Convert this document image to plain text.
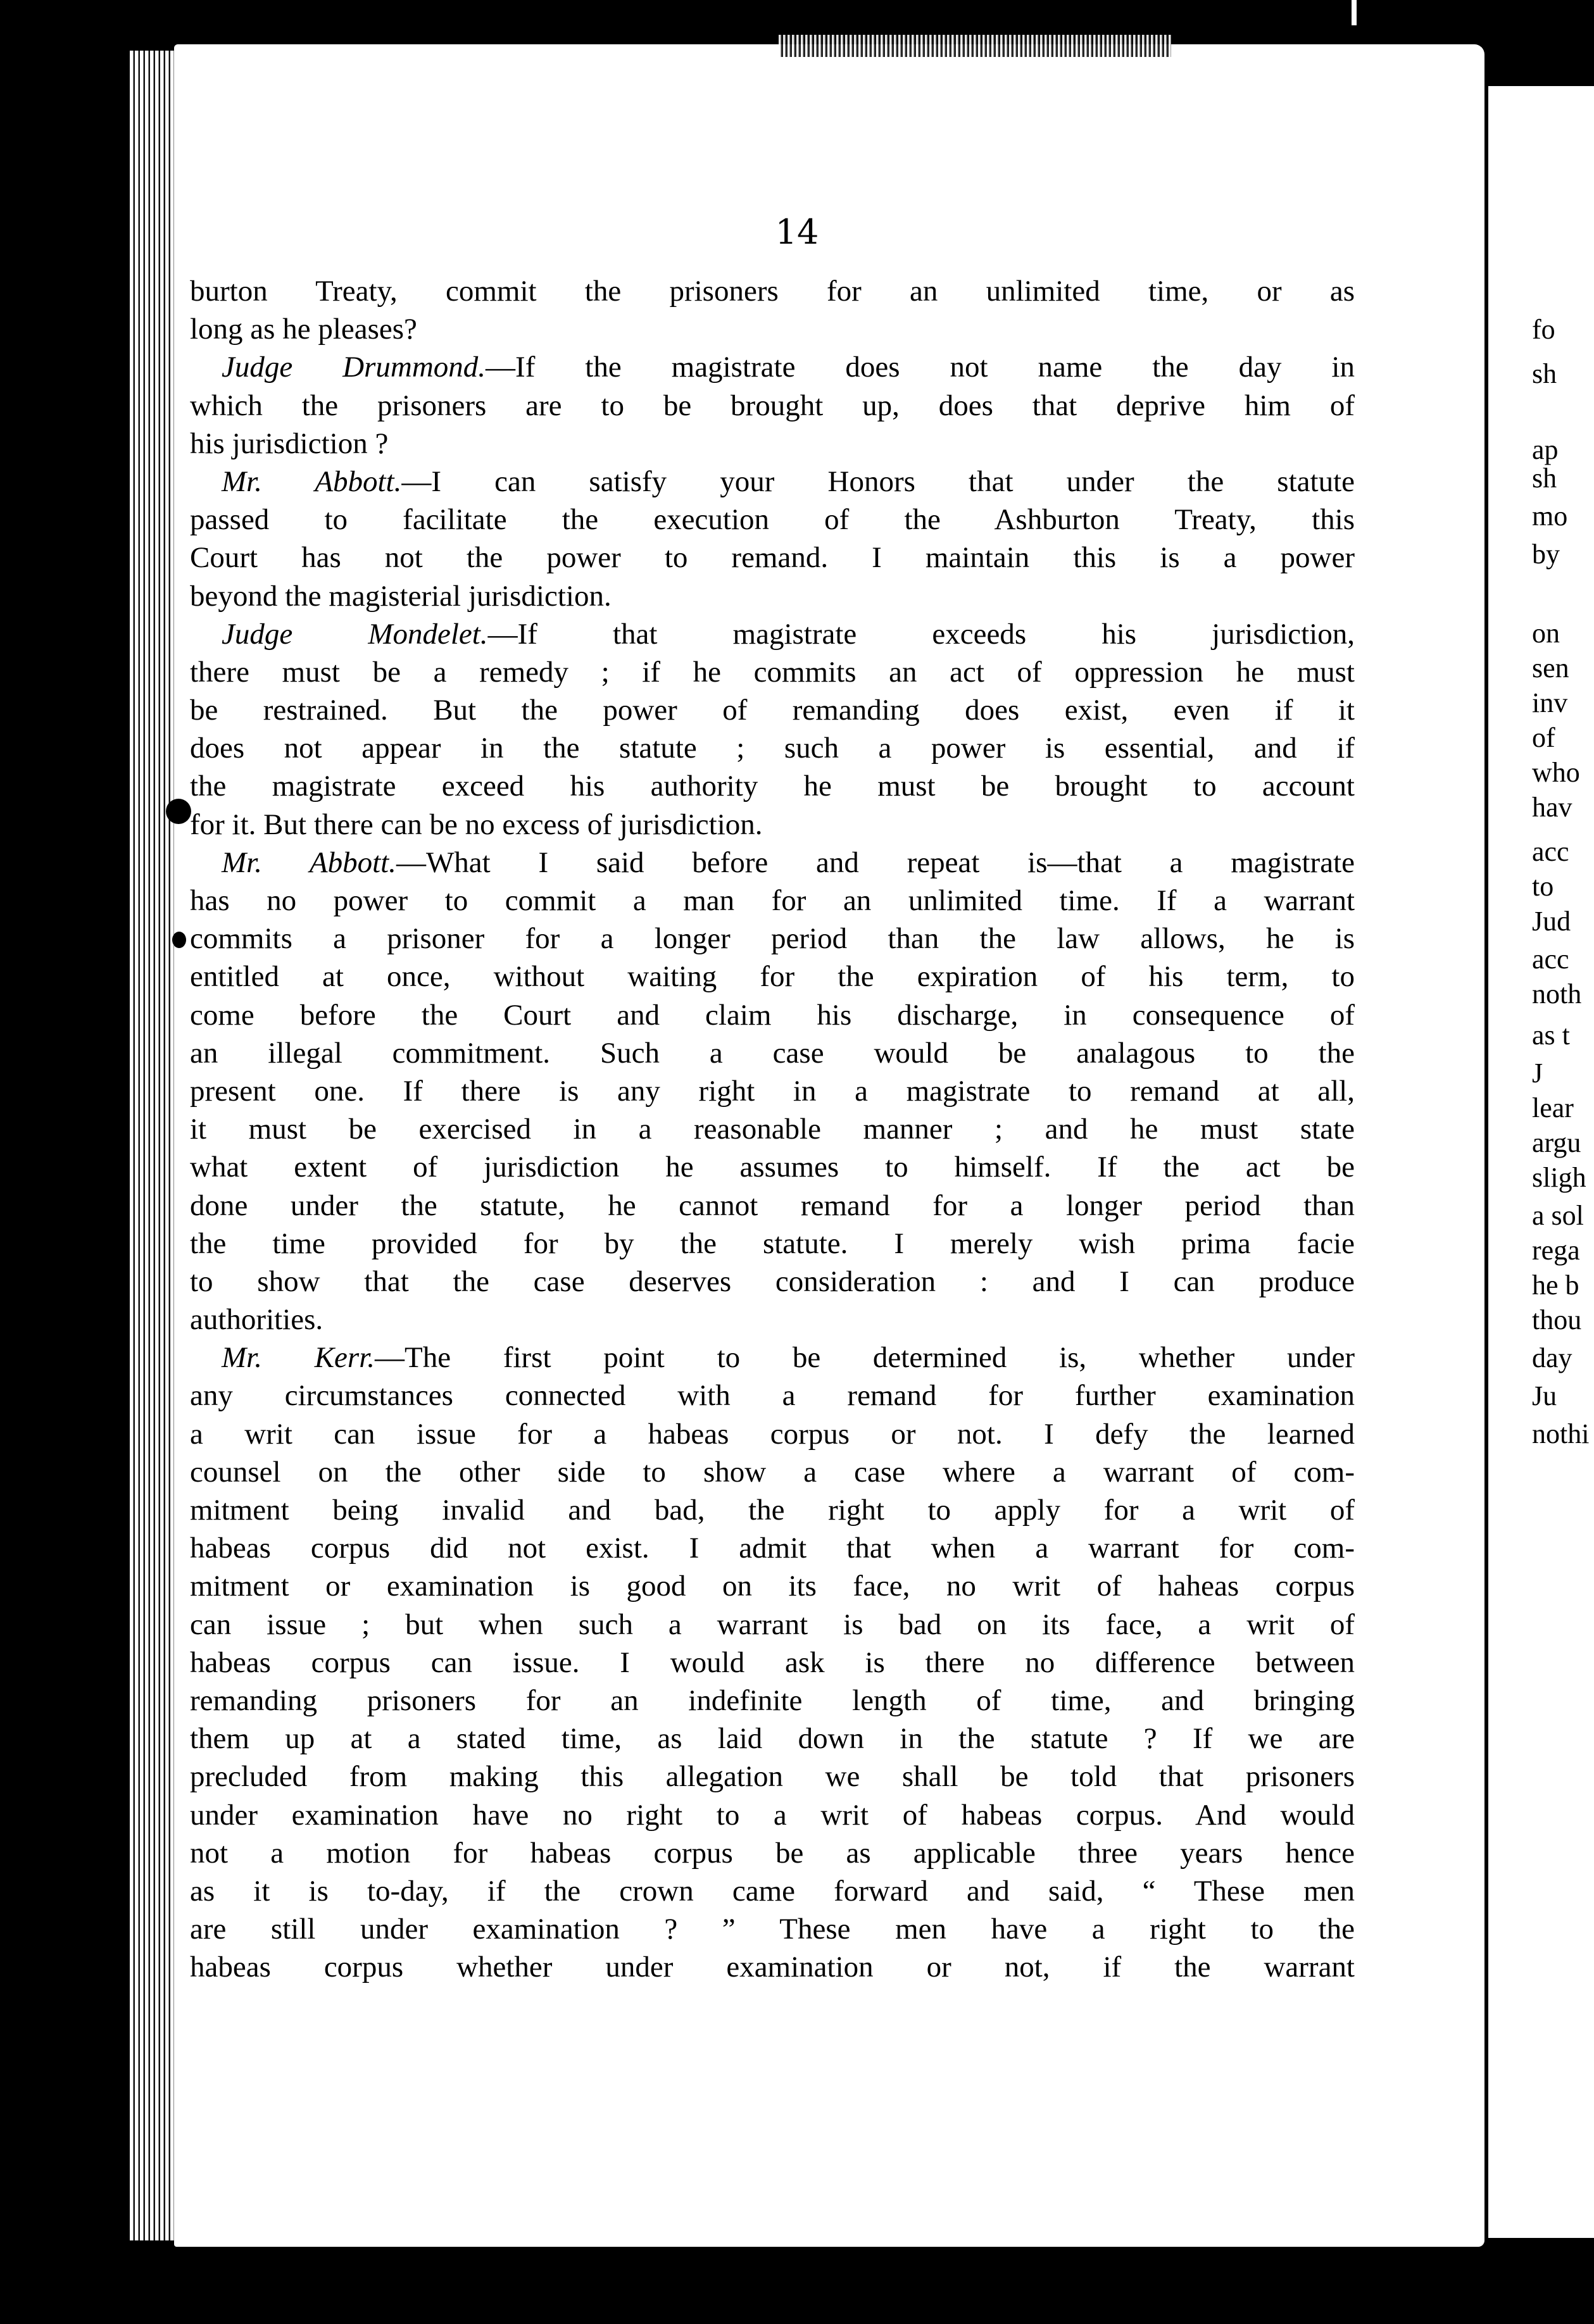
14
burton Treaty, commit the prisoners for an unlimited time, or as
long as he pleases?
Judge Drummond.—If the magistrate does not name the day in
which the prisoners are to be brought up, does that deprive him of
his jurisdiction ?
Mr. Abbott.—I can satisfy your Honors that under the statute
passed to facilitate the execution of the Ashburton Treaty, this
Court has not the power to remand. I maintain this is a power
beyond the magisterial jurisdiction.
Judge Mondelet.—If that magistrate exceeds his jurisdiction,
there must be a remedy ; if he commits an act of oppression he must
be restrained. But the power of remanding does exist, even if it
does not appear in the statute ; such a power is essential, and if
the magistrate exceed his authority he must be brought to account
for it. But there can be no excess of jurisdiction.
Mr. Abbott.—What I said before and repeat is—that a magistrate
has no power to commit a man for an unlimited time. If a warrant
commits a prisoner for a longer period than the law allows, he is
entitled at once, without waiting for the expiration of his term, to
come before the Court and claim his discharge, in consequence of
an illegal commitment. Such a case would be analagous to the
present one. If there is any right in a magistrate to remand at all,
it must be exercised in a reasonable manner ; and he must state
what extent of jurisdiction he assumes to himself. If the act be
done under the statute, he cannot remand for a longer period than
the time provided for by the statute. I merely wish prima facie
to show that the case deserves consideration : and I can produce
authorities.
Mr. Kerr.—The first point to be determined is, whether under
any circumstances connected with a remand for further examination
a writ can issue for a habeas corpus or not. I defy the learned
counsel on the other side to show a case where a warrant of com-
mitment being invalid and bad, the right to apply for a writ of
habeas corpus did not exist. I admit that when a warrant for com-
mitment or examination is good on its face, no writ of haheas corpus
can issue ; but when such a warrant is bad on its face, a writ of
habeas corpus can issue. I would ask is there no difference between
remanding prisoners for an indefinite length of time, and bringing
them up at a stated time, as laid down in the statute ? If we are
precluded from making this allegation we shall be told that prisoners
under examination have no right to a writ of habeas corpus. And would
not a motion for habeas corpus be as applicable three years hence
as it is to-day, if the crown came forward and said, “ These men
are still under examination ? ” These men have a right to the
habeas corpus whether under examination or not, if the warrant
fo
sh
ap
sh
mo
by
on
sen
inv
of
who
hav
acc
to
Jud
acc
noth
as t
J
lear
argu
sligh
a sol
rega
he b
thou
day
Ju
nothi
